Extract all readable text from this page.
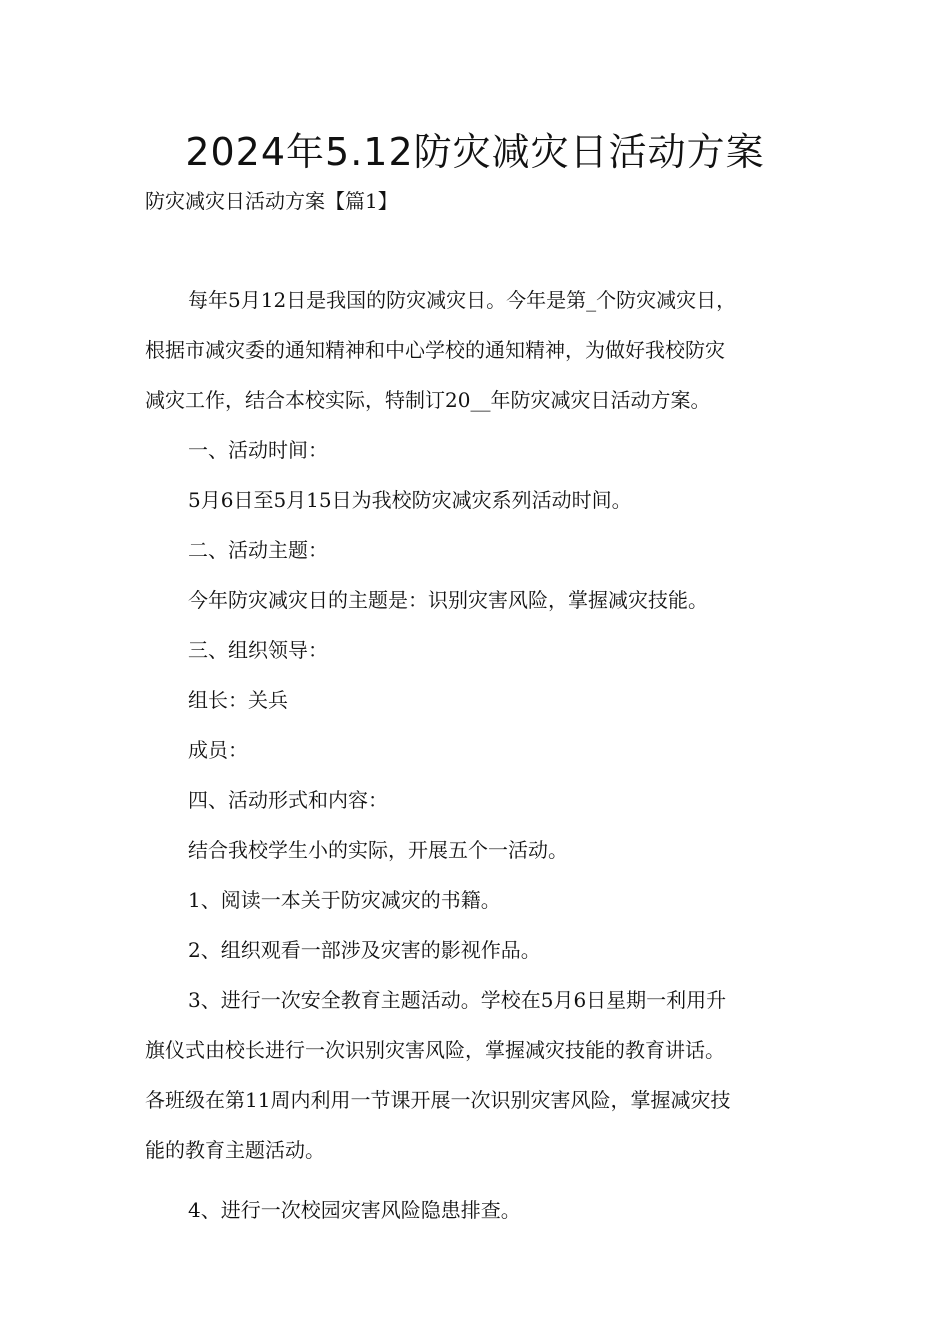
2024年5.12防灾减灾日活动方案

防灾减灾日活动方案【篇1】

每年5月12日是我国的防灾减灾日。今年是第_个防灾减灾日，
根据市减灾委的通知精神和中心学校的通知精神，为做好我校防灾
减灾工作，结合本校实际，特制订20__年防灾减灾日活动方案。
一、活动时间：
5月6日至5月15日为我校防灾减灾系列活动时间。
二、活动主题：
今年防灾减灾日的主题是：识别灾害风险，掌握减灾技能。
三、组织领导：
组长：关兵
成员：
四、活动形式和内容：
结合我校学生小的实际，开展五个一活动。
1、阅读一本关于防灾减灾的书籍。
2、组织观看一部涉及灾害的影视作品。
3、进行一次安全教育主题活动。学校在5月6日星期一利用升
旗仪式由校长进行一次识别灾害风险，掌握减灾技能的教育讲话。
各班级在第11周内利用一节课开展一次识别灾害风险，掌握减灾技
能的教育主题活动。
4、进行一次校园灾害风险隐患排查。
